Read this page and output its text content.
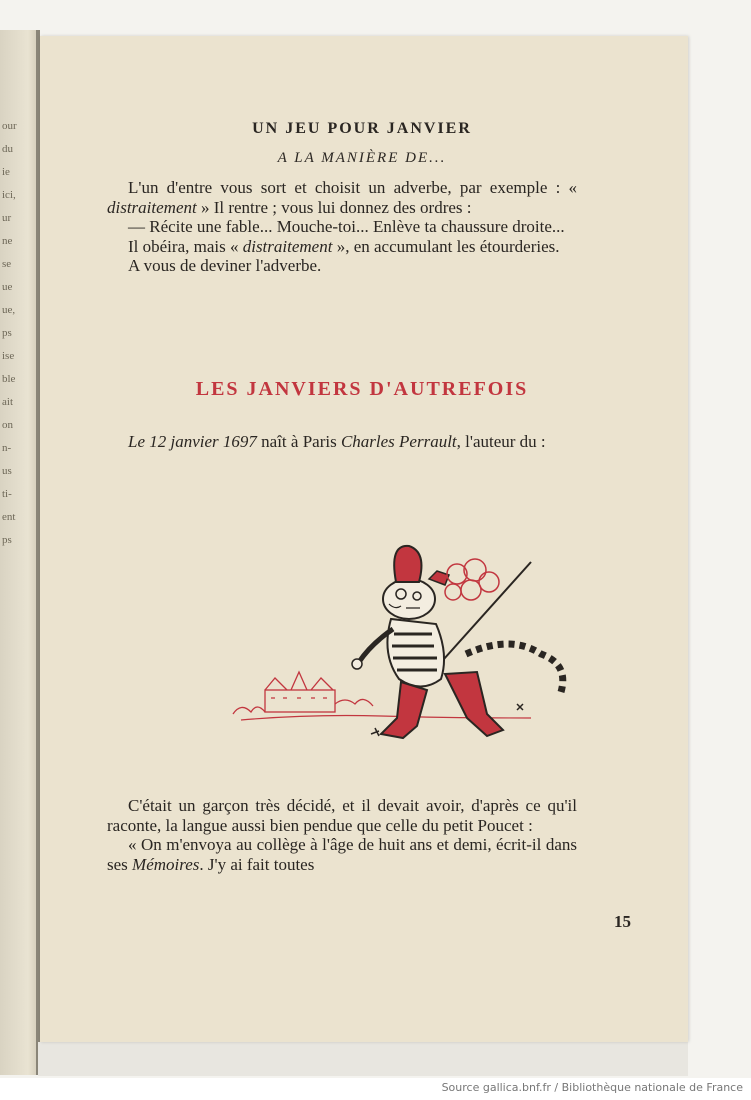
our
du
ie
ici,
ur
ne
se
ue
ue,
ps
ise
ble
ait
on
n-
us
ti-
ent
ps
UN JEU POUR JANVIER
A LA MANIÈRE DE...

L'un d'entre vous sort et choisit un adverbe, par exemple : « distraitement » Il rentre ; vous lui donnez des ordres :

— Récite une fable... Mouche-toi... Enlève ta chaussure droite...

Il obéira, mais « distraitement », en accumulant les étourderies.

A vous de deviner l'adverbe.

LES JANVIERS D'AUTREFOIS

Le 12 janvier 1697 naît à Paris Charles Perrault, l'auteur du :

C'était un garçon très décidé, et il devait avoir, d'après ce qu'il raconte, la langue aussi bien pendue que celle du petit Poucet :

« On m'envoya au collège à l'âge de huit ans et demi, écrit-il dans ses Mémoires. J'y ai fait toutes

15
Source gallica.bnf.fr / Bibliothèque nationale de France
